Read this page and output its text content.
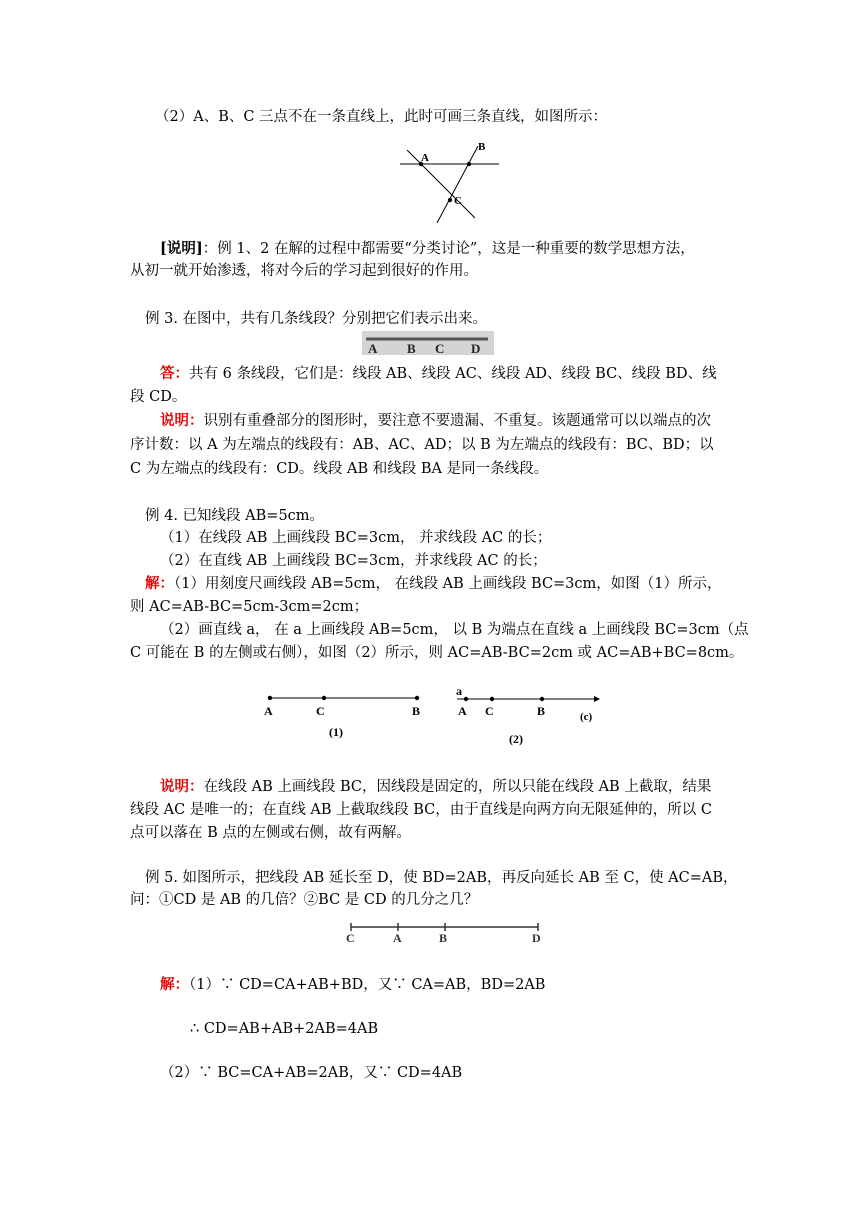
（2）A、B、C 三点不在一条直线上，此时可画三条直线，如图所示：
A
B
C
[说明]：例 1、2 在解的过程中都需要“分类讨论”，这是一种重要的数学思想方法，
从初一就开始渗透，将对今后的学习起到很好的作用。
例 3. 在图中，共有几条线段？分别把它们表示出来。
A B C D
答：共有 6 条线段，它们是：线段 AB、线段 AC、线段 AD、线段 BC、线段 BD、线
段 CD。
说明：识别有重叠部分的图形时，要注意不要遗漏、不重复。该题通常可以以端点的次
序计数：以 A 为左端点的线段有：AB、AC、AD；以 B 为左端点的线段有：BC、BD；以
C 为左端点的线段有：CD。线段 AB 和线段 BA 是同一条线段。
例 4. 已知线段 AB=5cm。
（1）在线段 AB 上画线段 BC=3cm， 并求线段 AC 的长；
（2）在直线 AB 上画线段 BC=3cm，并求线段 AC 的长；
解：（1）用刻度尺画线段 AB=5cm， 在线段 AB 上画线段 BC=3cm，如图（1）所示，
则 AC=AB-BC=5cm-3cm=2cm；
（2）画直线 a， 在 a 上画线段 AB=5cm， 以 B 为端点在直线 a 上画线段 BC=3cm（点
C 可能在 B 的左侧或右侧），如图（2）所示，则 AC=AB-BC=2cm 或 AC=AB+BC=8cm。
A	C	B
(1)
a
A C	B	(c)
(2)
说明：在线段 AB 上画线段 BC，因线段是固定的，所以只能在线段 AB 上截取，结果
线段 AC 是唯一的；在直线 AB 上截取线段 BC，由于直线是向两方向无限延伸的，所以 C
点可以落在 B 点的左侧或右侧，故有两解。
例 5. 如图所示，把线段 AB 延长至 D，使 BD=2AB，再反向延长 AB 至 C，使 AC=AB，
问：①CD 是 AB 的几倍？②BC 是 CD 的几分之几？
C	A	B	D
解：（1）∵ CD=CA+AB+BD，又∵ CA=AB，BD=2AB
∴ CD=AB+AB+2AB=4AB
（2）∵ BC=CA+AB=2AB，又∵ CD=4AB
